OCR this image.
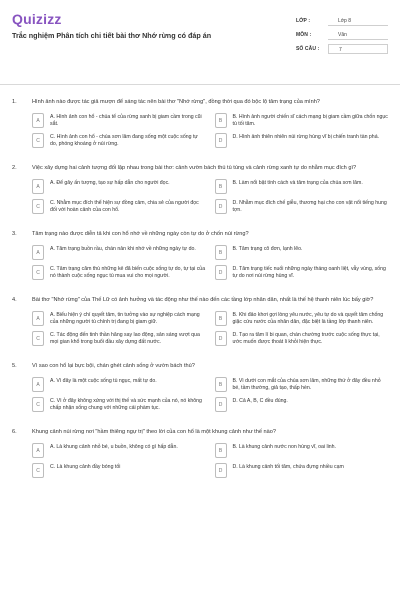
Quizizz
Trắc nghiệm Phân tích chi tiết bài thơ Nhớ rừng có đáp án
LỚP :	Lớp 8
MÔN :	Văn
SỐ CÂU :	7
1.	Hình ảnh nào được tác giả mượn để sáng tác nên bài thơ "Nhớ rừng", đồng thời qua đó bộc lộ tâm trạng của mình?
A
A. Hình ảnh con hổ - chúa tể của rừng xanh bị giam cầm trong cũi sắt.
B
B. Hình ảnh người chiến sĩ cách mạng bị giam cầm giữa chốn ngục tù tối tăm.
C
C. Hình ảnh con hổ - chúa sơn lâm đang sống một cuộc sống tự do, phóng khoáng ở núi rừng.
D
D. Hình ảnh thiên nhiên núi rừng hùng vĩ bị chiến tranh tàn phá.
2.	Việc xây dựng hai cảnh tượng đối lập nhau trong bài thơ: cảnh vườn bách thú tù túng và cảnh rừng xanh tự do nhằm mục đích gì?
A
A. Để gây ấn tượng, tạo sự hấp dẫn cho người đọc.
B
B. Làm nổi bật tính cách và tâm trạng của chúa sơn lâm.
C
C. Nhằm mục đích thể hiện sự đồng cảm, chia sẻ của người đọc đối với hoàn cảnh của con hổ.
D
D. Nhằm mục đích chế giễu, thương hại cho con vật nổi tiếng hung tợn.
3.	Tâm trạng nào được diễn tả khi con hổ nhớ về những ngày còn tự do ở chốn núi rừng?
A
A. Tâm trạng buồn rầu, chán nản khi nhớ về những ngày tự do.
B
B. Tâm trạng cô đơn, lạnh lẽo.
C
C. Tâm trạng căm thù những kẻ đã biến cuộc sống tự do, tự tại của nó thành cuộc sống ngục tù mua vui cho mọi người.
D
D. Tâm trạng tiếc nuối những ngày tháng oanh liệt, vẫy vùng, sống tự do nơi núi rừng hùng vĩ.
4.	Bài thơ "Nhớ rừng" của Thế Lữ có ảnh hưởng và tác động như thế nào đến các tầng lớp nhân dân, nhất là thế hệ thanh niên lúc bấy giờ?
A
A. Biểu hiện ý chí quyết tâm, tin tưởng vào sự nghiệp cách mạng của những người tù chính trị đang bị giam giữ.
B
B. Khi đảo khơi gợi lòng yêu nước, yêu tự do và quyết tâm chống giặc cứu nước của nhân dân, đặc biệt là tầng lớp thanh niên.
C
C. Tác động đến tinh thần hăng say lao động, sản sáng vượt qua mọi gian khổ trong buổi đầu xây dựng đất nước.
D
D. Tạo ra tâm lí bi quan, chán chường trước cuộc sống thực tại, ước muốn được thoát li khỏi hiện thực.
5.	Vì sao con hổ lại bực bội, chán ghét cảnh sống ở vườn bách thú?
A
A. Vì đây là một cuộc sống tù ngục, mất tự do.
B
B. Vì dưới con mắt của chúa sơn lâm, những thứ ở đây đều nhỏ bé, tầm thường, giả tạo, thấp hèn.
C
C. Vì ở đây không xứng với thị thế và sức mạnh của nó, nó không chấp nhận sống chung với những cái phàm tục.
D
D. Cả A, B, C đều đúng.
6.	Khung cảnh núi rừng nơi "hầm thiêng ngự trị" theo lời của con hổ là một khung cảnh như thế nào?
A
A. Là khung cảnh nhỏ bé, u buồn, không có gì hấp dẫn.
B
B. Là khung cảnh nước non hùng vĩ, oai linh.
C
C. Là khung cảnh đầy bóng tối
D
D. Là khung cảnh tối tăm, chứa đựng nhiều cạm
